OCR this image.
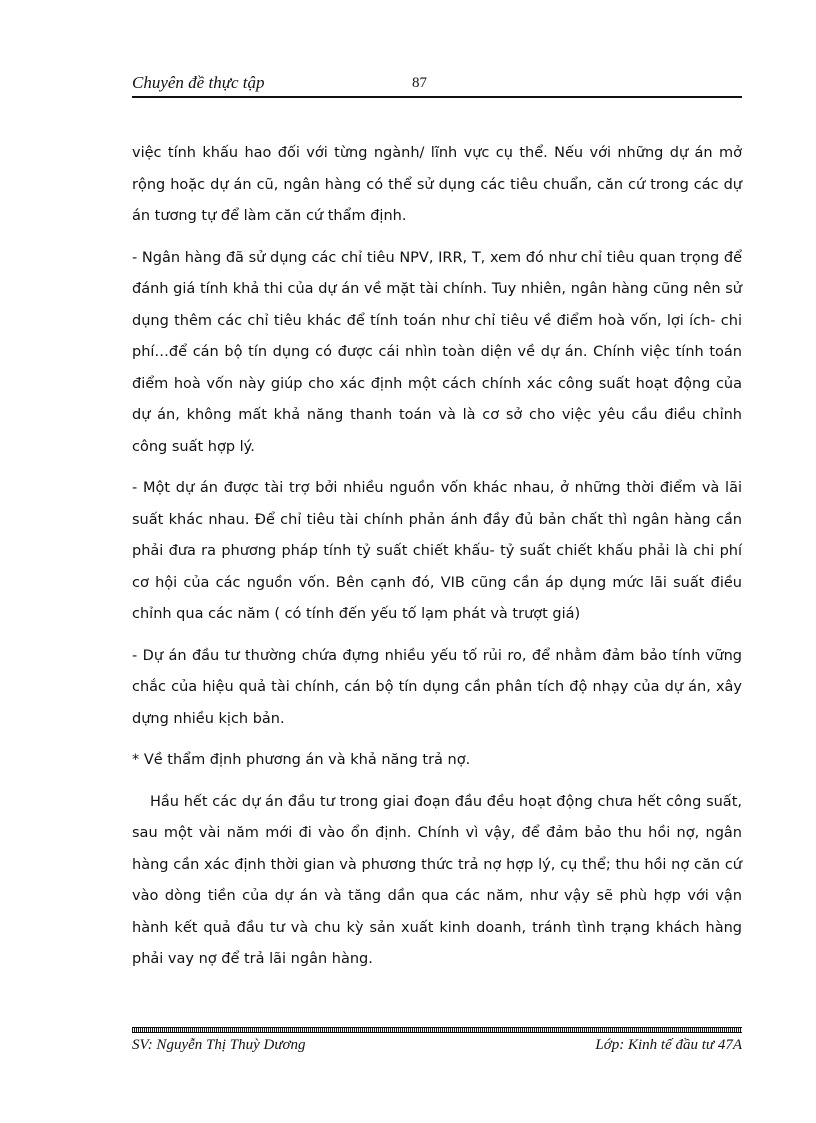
Chuyên đề thực tập	87

việc tính khấu hao đối với từng ngành/ lĩnh vực cụ thể. Nếu với những dự án mở rộng hoặc dự án cũ, ngân hàng có thể sử dụng các tiêu chuẩn, căn cứ trong các dự án tương tự để làm căn cứ thẩm định.

- Ngân hàng đã sử dụng các chỉ tiêu NPV, IRR, T, xem đó như chỉ tiêu quan trọng để đánh giá tính khả thi của dự án về mặt tài chính. Tuy nhiên, ngân hàng cũng nên sử dụng thêm các chỉ tiêu khác để tính toán như chỉ tiêu về điểm hoà vốn, lợi ích- chi phí…để cán bộ tín dụng có được cái nhìn toàn diện về dự án. Chính việc tính toán điểm hoà vốn này giúp cho xác định một cách chính xác công suất hoạt động của dự án, không mất khả năng thanh toán và là cơ sở cho việc yêu cầu điều chỉnh công suất hợp lý.

- Một dự án được tài trợ bởi nhiều nguồn vốn khác nhau, ở những thời điểm và lãi suất khác nhau. Để chỉ tiêu tài chính phản ánh đầy đủ bản chất thì ngân hàng cần phải đưa ra phương pháp tính tỷ suất chiết khấu- tỷ suất chiết khấu phải là chi phí cơ hội của các nguồn vốn. Bên cạnh đó, VIB cũng cần áp dụng mức lãi suất điều chỉnh qua các năm ( có tính đến yếu tố lạm phát và trượt giá)

- Dự án đầu tư thường chứa đựng nhiều yếu tố rủi ro, để nhằm đảm bảo tính vững chắc của hiệu quả tài chính, cán bộ tín dụng cần phân tích độ nhạy của dự án, xây dựng nhiều kịch bản.

* Về thẩm định phương án và khả năng trả nợ.

Hầu hết các dự án đầu tư trong giai đoạn đầu đều hoạt động chưa hết công suất, sau một vài năm mới đi vào ổn định. Chính vì vậy, để đảm bảo thu hồi nợ, ngân hàng cần xác định thời gian và phương thức trả nợ hợp lý, cụ thể; thu hồi nợ căn cứ vào dòng tiền của dự án và tăng dần qua các năm, như vậy sẽ phù hợp với vận hành kết quả đầu tư và chu kỳ sản xuất kinh doanh, tránh tình trạng khách hàng phải vay nợ để trả lãi ngân hàng.

SV: Nguyễn Thị Thuỳ Dương	Lớp: Kinh tế đầu tư 47A
